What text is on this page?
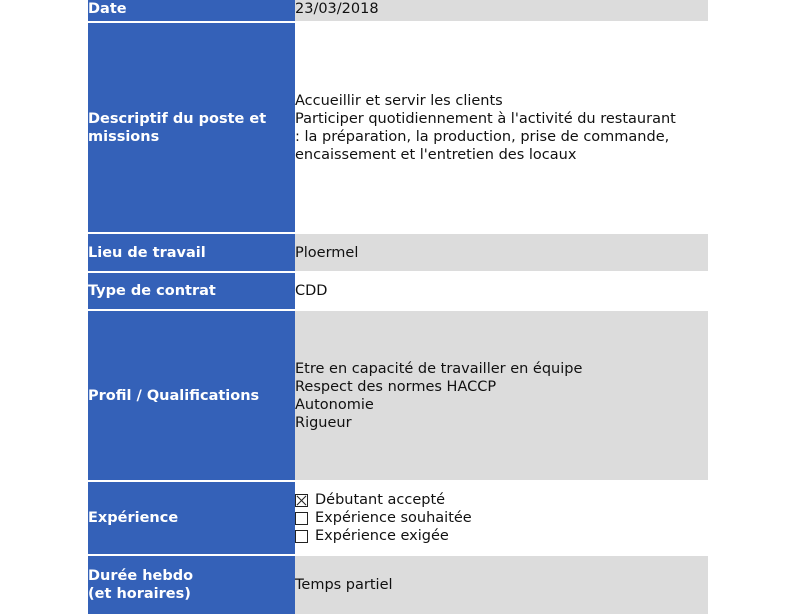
Date	23/03/2018
Descriptif du poste et missions	Accueillir et servir les clients
Participer quotidiennement à l'activité du restaurant
: la préparation, la production, prise de commande,
encaissement et l'entretien des locaux

Lieu de travail	Ploermel
Type de contrat	CDD
Profil / Qualifications	Etre en capacité de travailler en équipe
Respect des normes HACCP
Autonomie
Rigueur

Expérience	Débutant accepté
Expérience souhaitée
Expérience exigée

Durée hebdo
(et horaires)	Temps partiel
